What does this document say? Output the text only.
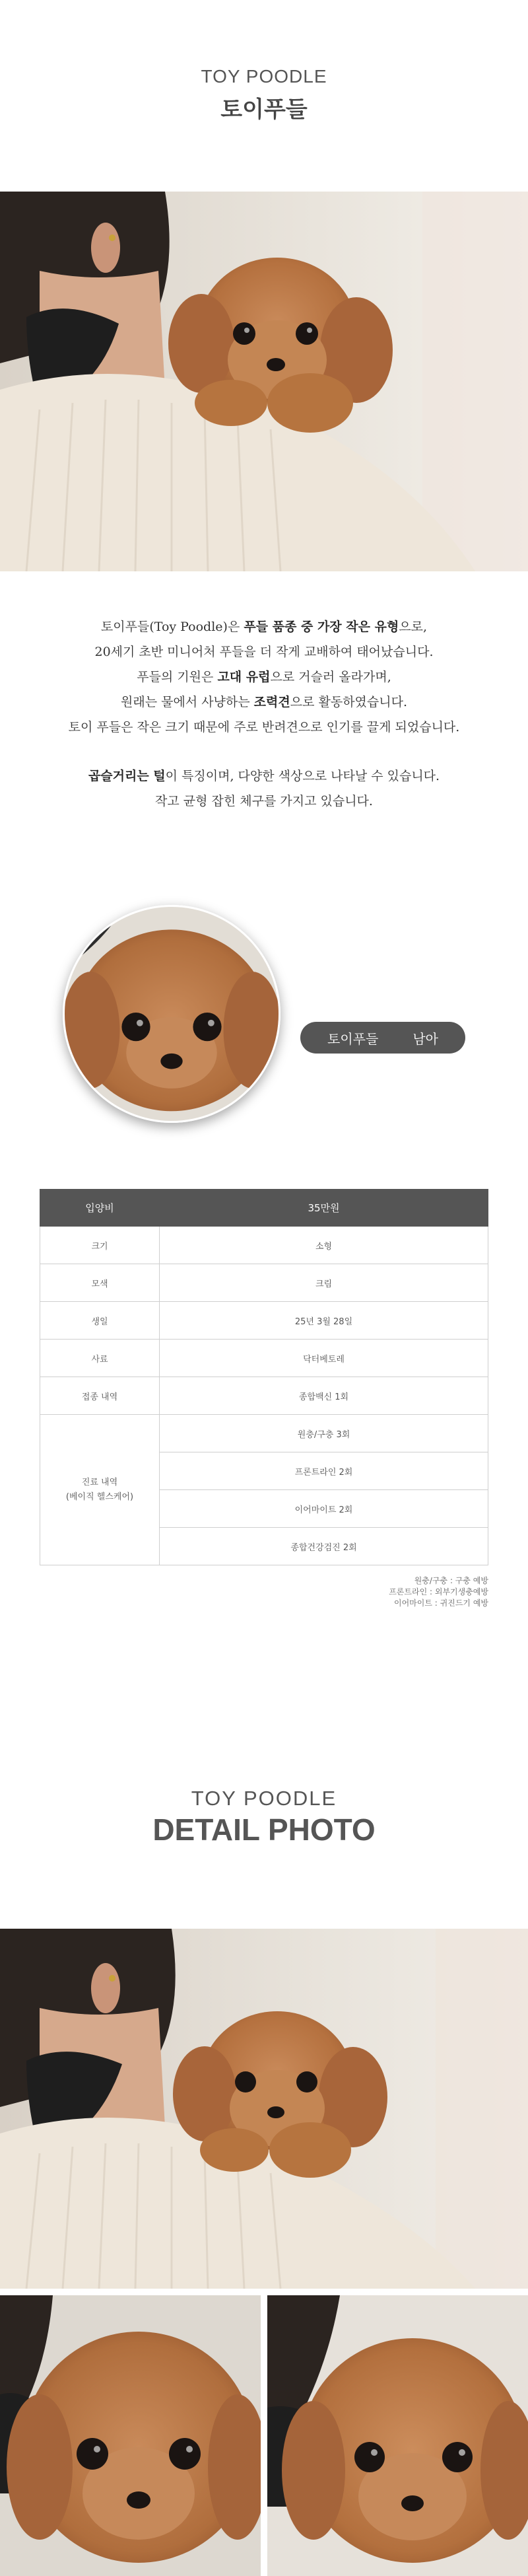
TOY POODLE
토이푸들
토이푸들(Toy Poodle)은 푸들 품종 중 가장 작은 유형으로,
20세기 초반 미니어처 푸들을 더 작게 교배하여 태어났습니다.
푸들의 기원은 고대 유럽으로 거슬러 올라가며,
원래는 물에서 사냥하는 조력견으로 활동하였습니다.
토이 푸들은 작은 크기 때문에 주로 반려견으로 인기를 끌게 되었습니다.
곱슬거리는 털이 특징이며, 다양한 색상으로 나타날 수 있습니다.
작고 균형 잡힌 체구를 가지고 있습니다.
토이푸들	남아
입양비	35만원
크기	소형
모색	크림
생일	25년 3월 28일
사료	닥터베토레
접종 내역	종합백신 1회

진료 내역
(베이직 헬스케어)	원충/구충 3회
	프론트라인 2회
	이어마이트 2회
	종합건강검진 2회
원충/구충 : 구충 예방
프론트라인 : 외부기생충예방
이어마이트 : 귀진드기 예방
TOY POODLE
DETAIL PHOTO
